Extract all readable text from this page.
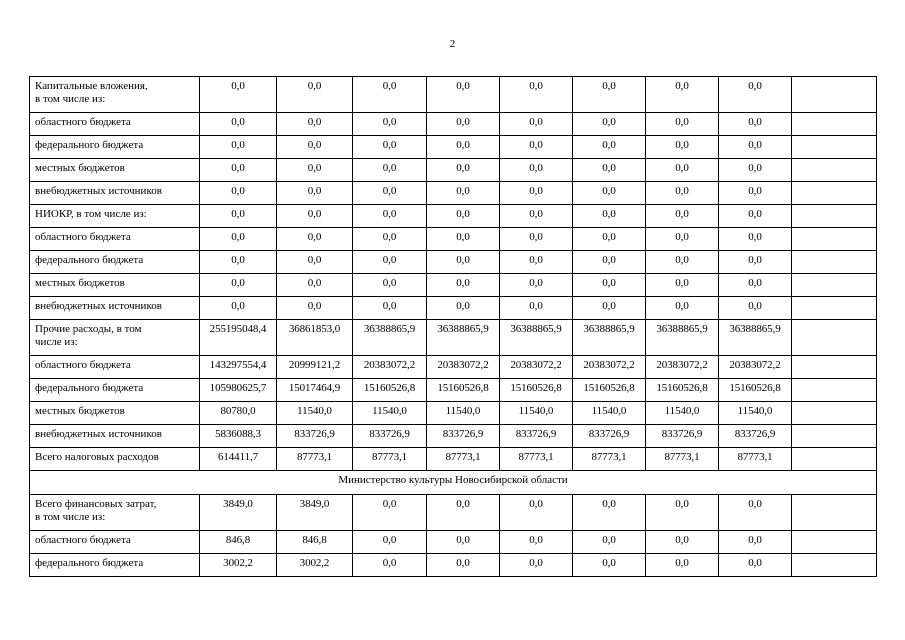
2
Капитальные вложения,
в том числе из:	0,0	0,0	0,0	0,0	0,0	0,0	0,0	0,0	
областного бюджета	0,0	0,0	0,0	0,0	0,0	0,0	0,0	0,0	
федерального бюджета	0,0	0,0	0,0	0,0	0,0	0,0	0,0	0,0	
местных бюджетов	0,0	0,0	0,0	0,0	0,0	0,0	0,0	0,0	
внебюджетных источников	0,0	0,0	0,0	0,0	0,0	0,0	0,0	0,0	
НИОКР, в том числе из:	0,0	0,0	0,0	0,0	0,0	0,0	0,0	0,0	
областного бюджета	0,0	0,0	0,0	0,0	0,0	0,0	0,0	0,0	
федерального бюджета	0,0	0,0	0,0	0,0	0,0	0,0	0,0	0,0	
местных бюджетов	0,0	0,0	0,0	0,0	0,0	0,0	0,0	0,0	
внебюджетных источников	0,0	0,0	0,0	0,0	0,0	0,0	0,0	0,0	
Прочие расходы, в том
числе из:	255195048,4	36861853,0	36388865,9	36388865,9	36388865,9	36388865,9	36388865,9	36388865,9	
областного бюджета	143297554,4	20999121,2	20383072,2	20383072,2	20383072,2	20383072,2	20383072,2	20383072,2	
федерального бюджета	105980625,7	15017464,9	15160526,8	15160526,8	15160526,8	15160526,8	15160526,8	15160526,8	
местных бюджетов	80780,0	11540,0	11540,0	11540,0	11540,0	11540,0	11540,0	11540,0	
внебюджетных источников	5836088,3	833726,9	833726,9	833726,9	833726,9	833726,9	833726,9	833726,9	
Всего налоговых расходов	614411,7	87773,1	87773,1	87773,1	87773,1	87773,1	87773,1	87773,1	
Министерство культуры Новосибирской области									
Всего финансовых затрат,
в том числе из:	3849,0	3849,0	0,0	0,0	0,0	0,0	0,0	0,0	
областного бюджета	846,8	846,8	0,0	0,0	0,0	0,0	0,0	0,0	
федерального бюджета	3002,2	3002,2	0,0	0,0	0,0	0,0	0,0	0,0	
